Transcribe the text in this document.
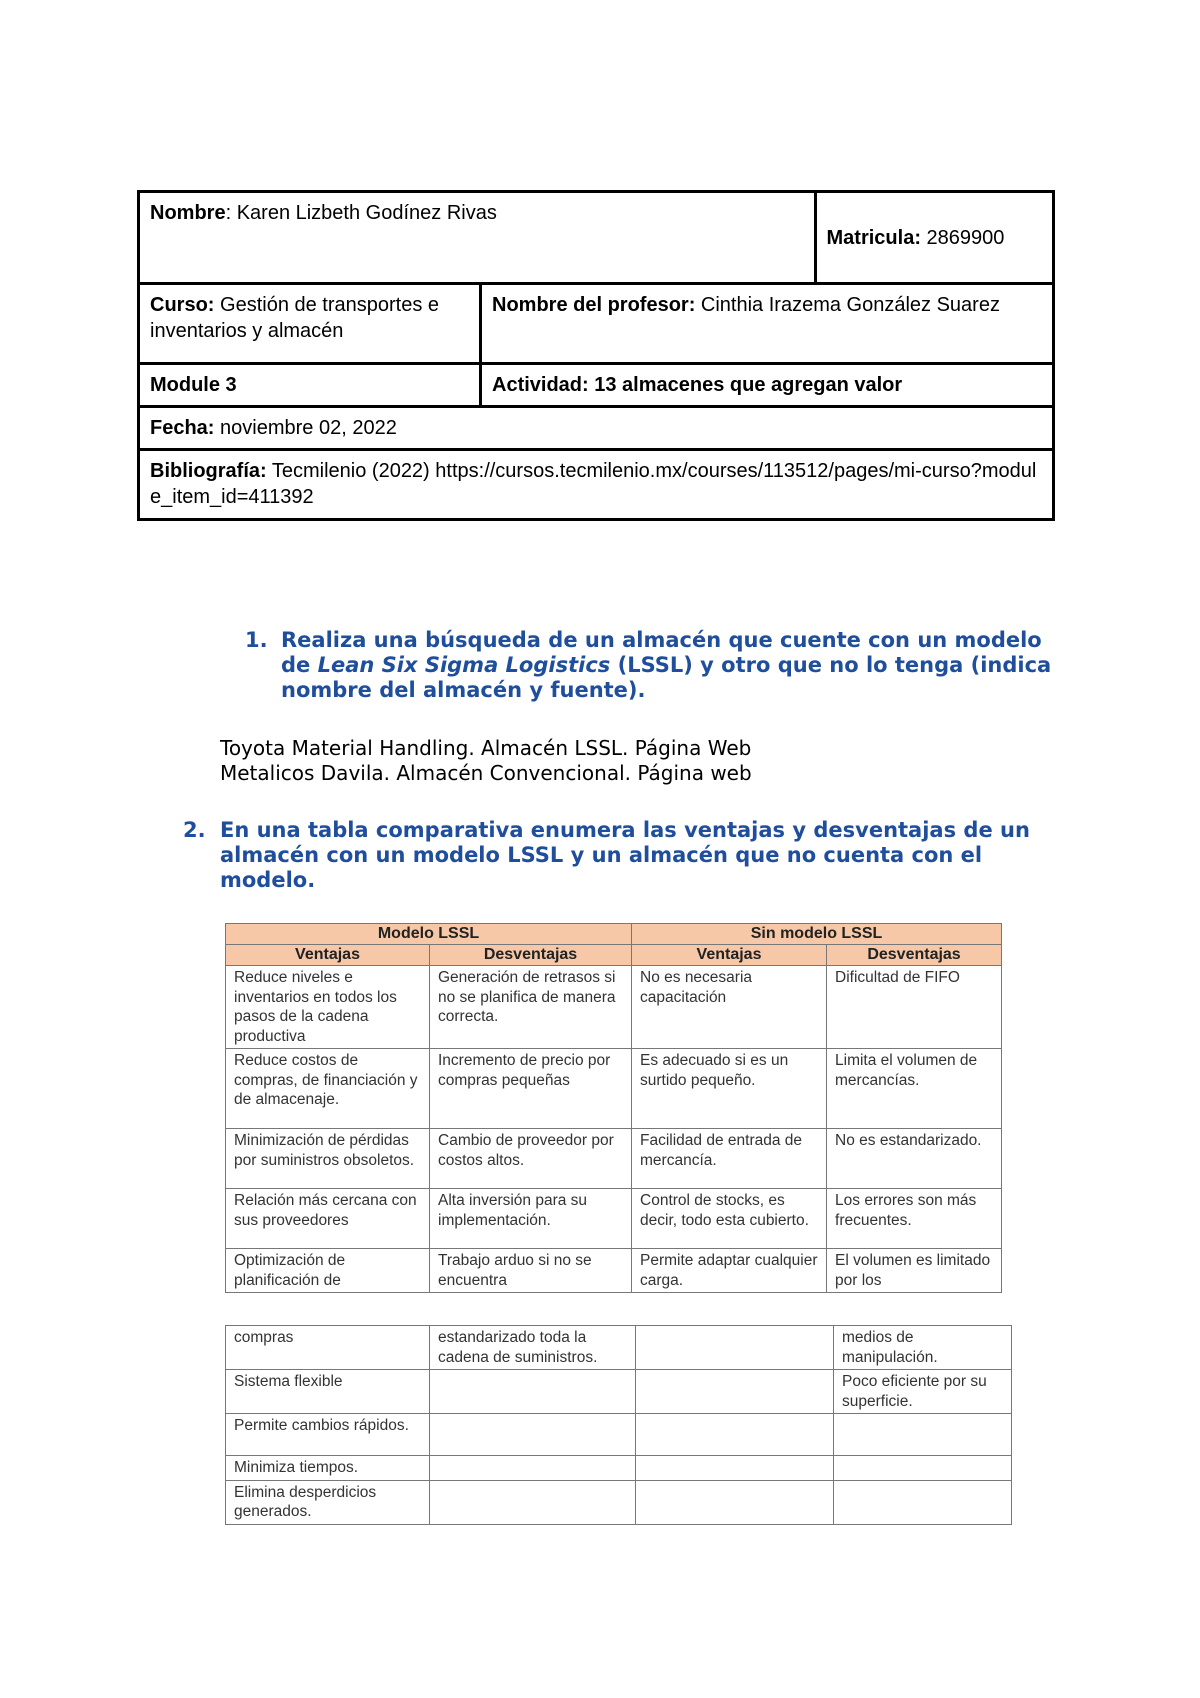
Nombre: Karen Lizbeth Godínez Rivas		Matricula: 2869900
Curso: Gestión de transportes e inventarios y almacén	Nombre del profesor: Cinthia Irazema González Suarez	
Module 3	Actividad: 13 almacenes que agregan valor	
Fecha: noviembre 02, 2022		
Bibliografía: Tecmilenio (2022) https://cursos.tecmilenio.mx/courses/113512/pages/mi-curso?module_item_id=411392		
1. Realiza una búsqueda de un almacén que cuente con un modelo
de Lean Six Sigma Logistics (LSSL) y otro que no lo tenga (indica
nombre del almacén y fuente).
Toyota Material Handling. Almacén LSSL. Página Web
Metalicos Davila. Almacén Convencional. Página web
2. En una tabla comparativa enumera las ventajas y desventajas de un
almacén con un modelo LSSL y un almacén que no cuenta con el
modelo.
Modelo LSSL		Sin modelo LSSL	
Ventajas	Desventajas	Ventajas	Desventajas
Reduce niveles e inventarios en todos los pasos de la cadena productiva	Generación de retrasos si no se planifica de manera correcta.	No es necesaria capacitación	Dificultad de FIFO
Reduce costos de compras, de financiación y de almacenaje.	Incremento de precio por compras pequeñas	Es adecuado si es un surtido pequeño.	Limita el volumen de mercancías.
Minimización de pérdidas por suministros obsoletos.	Cambio de proveedor por costos altos.	Facilidad de entrada de mercancía.	No es estandarizado.
Relación más cercana con sus proveedores	Alta inversión para su implementación.	Control de stocks, es decir, todo esta cubierto.	Los errores son más frecuentes.

Optimización de planificación de	Trabajo arduo si no se encuentra	Permite adaptar cualquier carga.	El volumen es limitado por los
compras	estandarizado toda la cadena de suministros.		medios de manipulación.
Sistema flexible			Poco eficiente por su superficie.
Permite cambios rápidos.			
Minimiza tiempos.			
Elimina desperdicios generados.			
